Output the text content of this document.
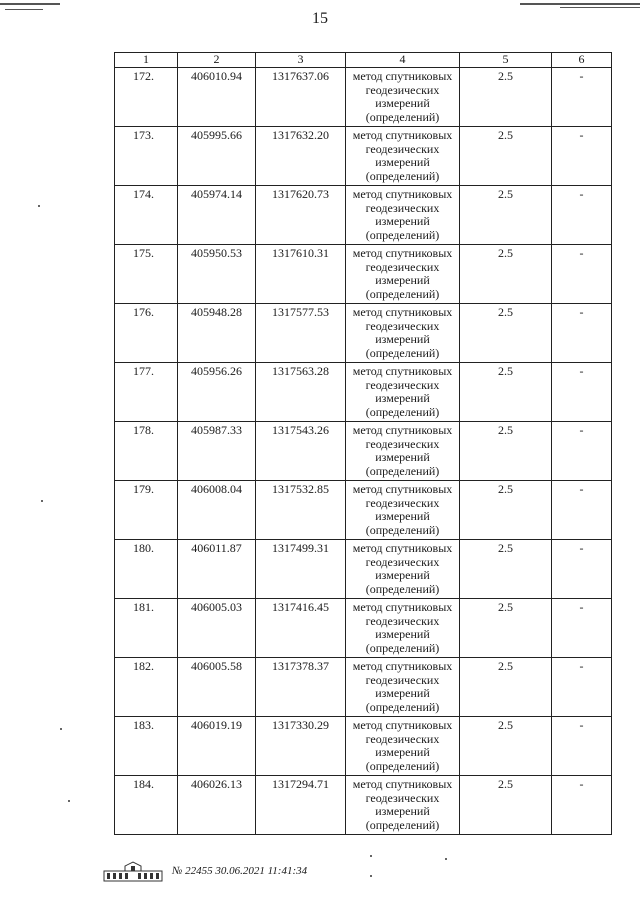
15
1	2	3	4	5	6
172.	406010.94	1317637.06	метод спутниковых геодезических измерений (определений)	2.5	-
173.	405995.66	1317632.20	метод спутниковых геодезических измерений (определений)	2.5	-
174.	405974.14	1317620.73	метод спутниковых геодезических измерений (определений)	2.5	-
175.	405950.53	1317610.31	метод спутниковых геодезических измерений (определений)	2.5	-
176.	405948.28	1317577.53	метод спутниковых геодезических измерений (определений)	2.5	-
177.	405956.26	1317563.28	метод спутниковых геодезических измерений (определений)	2.5	-
178.	405987.33	1317543.26	метод спутниковых геодезических измерений (определений)	2.5	-
179.	406008.04	1317532.85	метод спутниковых геодезических измерений (определений)	2.5	-
180.	406011.87	1317499.31	метод спутниковых геодезических измерений (определений)	2.5	-
181.	406005.03	1317416.45	метод спутниковых геодезических измерений (определений)	2.5	-
182.	406005.58	1317378.37	метод спутниковых геодезических измерений (определений)	2.5	-
183.	406019.19	1317330.29	метод спутниковых геодезических измерений (определений)	2.5	-
184.	406026.13	1317294.71	метод спутниковых геодезических измерений (определений)	2.5	-
№ 22455 30.06.2021 11:41:34
